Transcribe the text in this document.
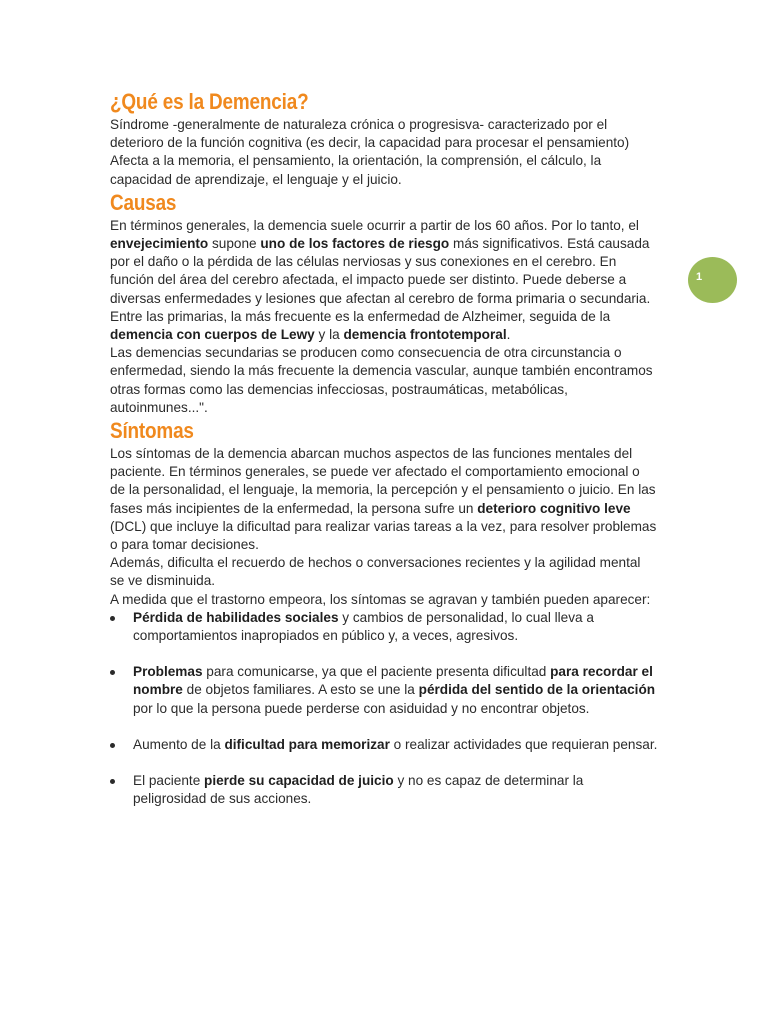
¿Qué es la Demencia?

Síndrome -generalmente de naturaleza crónica o progresisva- caracterizado por el deterioro de la función cognitiva (es decir, la capacidad para procesar el pensamiento) Afecta a la memoria, el pensamiento, la orientación, la comprensión, el cálculo, la capacidad de aprendizaje, el lenguaje y el juicio.

Causas

En términos generales, la demencia suele ocurrir a partir de los 60 años. Por lo tanto, el envejecimiento supone uno de los factores de riesgo más significativos. Está causada por el daño o la pérdida de las células nerviosas y sus conexiones en el cerebro. En función del área del cerebro afectada, el impacto puede ser distinto. Puede deberse a diversas enfermedades y lesiones que afectan al cerebro de forma primaria o secundaria. Entre las primarias, la más frecuente es la enfermedad de Alzheimer, seguida de la demencia con cuerpos de Lewy y la demencia frontotemporal.

Las demencias secundarias se producen como consecuencia de otra circunstancia o enfermedad, siendo la más frecuente la demencia vascular, aunque también encontramos otras formas como las demencias infecciosas, postraumáticas, metabólicas, autoinmunes...".

Síntomas

Los síntomas de la demencia abarcan muchos aspectos de las funciones mentales del paciente. En términos generales, se puede ver afectado el comportamiento emocional o de la personalidad, el lenguaje, la memoria, la percepción y el pensamiento o juicio. En las fases más incipientes de la enfermedad, la persona sufre un deterioro cognitivo leve (DCL) que incluye la dificultad para realizar varias tareas a la vez, para resolver problemas o para tomar decisiones.

Además, dificulta el recuerdo de hechos o conversaciones recientes y la agilidad mental se ve disminuida.

A medida que el trastorno empeora, los síntomas se agravan y también pueden aparecer:

Pérdida de habilidades sociales y cambios de personalidad, lo cual lleva a comportamientos inapropiados en público y, a veces, agresivos.
Problemas para comunicarse, ya que el paciente presenta dificultad para recordar el nombre de objetos familiares. A esto se une la pérdida del sentido de la orientación por lo que la persona puede perderse con asiduidad y no encontrar objetos.
Aumento de la dificultad para memorizar o realizar actividades que requieran pensar.
El paciente pierde su capacidad de juicio y no es capaz de determinar la peligrosidad de sus acciones.
1
